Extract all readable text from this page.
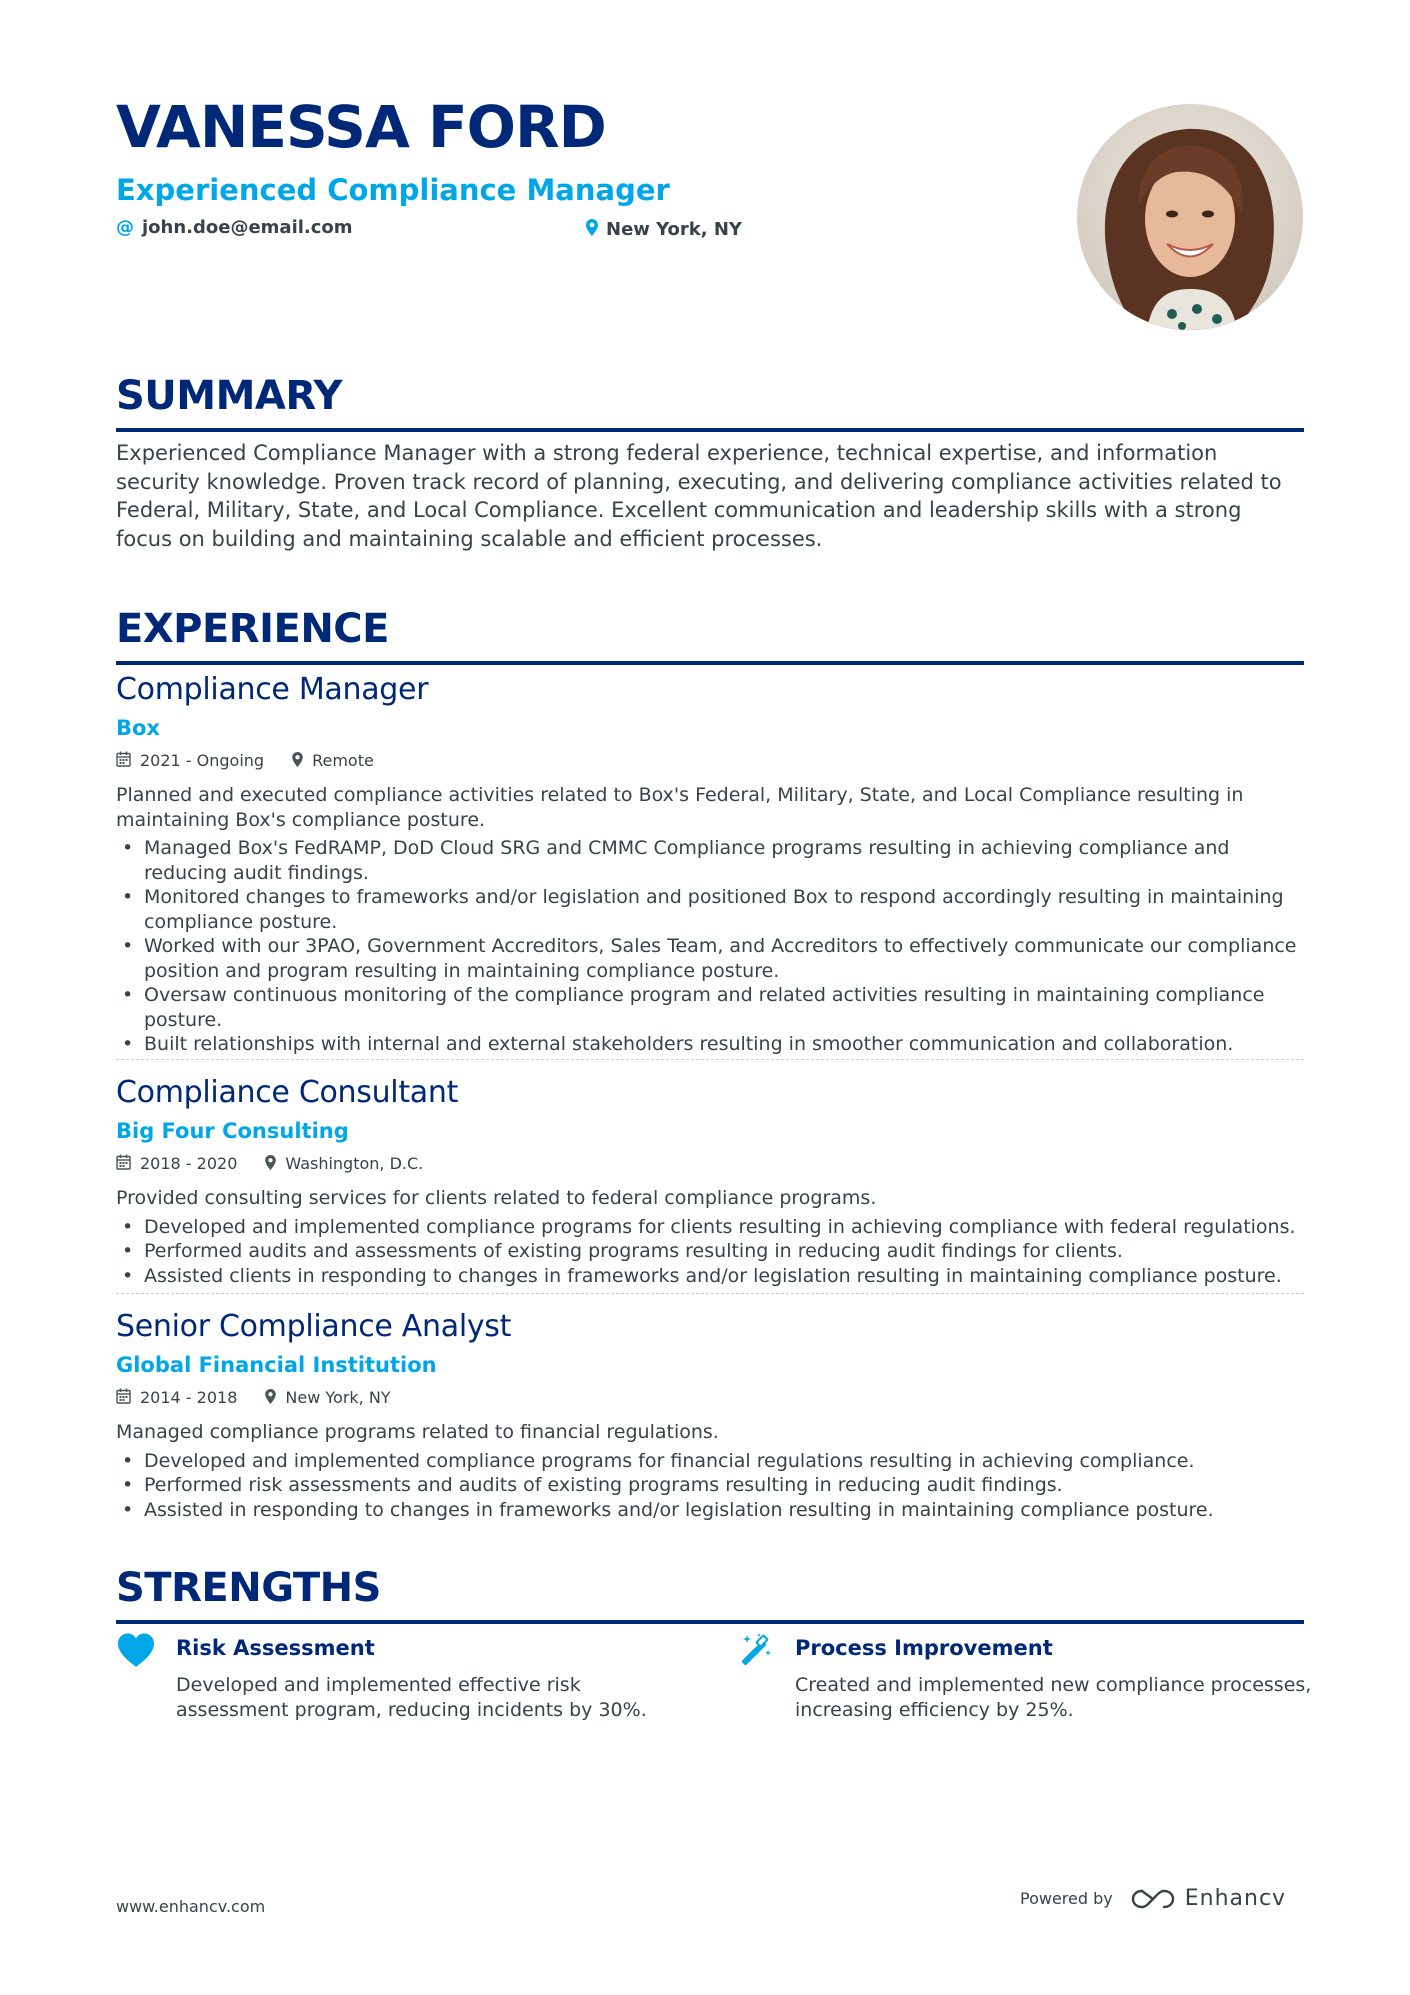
VANESSA FORD
Experienced Compliance Manager
@ john.doe@email.com	New York, NY
SUMMARY
Experienced Compliance Manager with a strong federal experience, technical expertise, and information security knowledge. Proven track record of planning, executing, and delivering compliance activities related to Federal, Military, State, and Local Compliance. Excellent communication and leadership skills with a strong focus on building and maintaining scalable and efficient processes.
EXPERIENCE
Compliance Manager
Box
2021 - Ongoing	Remote
Planned and executed compliance activities related to Box's Federal, Military, State, and Local Compliance resulting in maintaining Box's compliance posture.
• Managed Box's FedRAMP, DoD Cloud SRG and CMMC Compliance programs resulting in achieving compliance and reducing audit findings.
• Monitored changes to frameworks and/or legislation and positioned Box to respond accordingly resulting in maintaining compliance posture.
• Worked with our 3PAO, Government Accreditors, Sales Team, and Accreditors to effectively communicate our compliance position and program resulting in maintaining compliance posture.
• Oversaw continuous monitoring of the compliance program and related activities resulting in maintaining compliance posture.
• Built relationships with internal and external stakeholders resulting in smoother communication and collaboration.
Compliance Consultant
Big Four Consulting
2018 - 2020	Washington, D.C.
Provided consulting services for clients related to federal compliance programs.
• Developed and implemented compliance programs for clients resulting in achieving compliance with federal regulations.
• Performed audits and assessments of existing programs resulting in reducing audit findings for clients.
• Assisted clients in responding to changes in frameworks and/or legislation resulting in maintaining compliance posture.
Senior Compliance Analyst
Global Financial Institution
2014 - 2018	New York, NY
Managed compliance programs related to financial regulations.
• Developed and implemented compliance programs for financial regulations resulting in achieving compliance.
• Performed risk assessments and audits of existing programs resulting in reducing audit findings.
• Assisted in responding to changes in frameworks and/or legislation resulting in maintaining compliance posture.
STRENGTHS
Risk Assessment
Developed and implemented effective risk assessment program, reducing incidents by 30%.
Process Improvement
Created and implemented new compliance processes, increasing efficiency by 25%.
www.enhancv.com	Powered by	Enhancv
